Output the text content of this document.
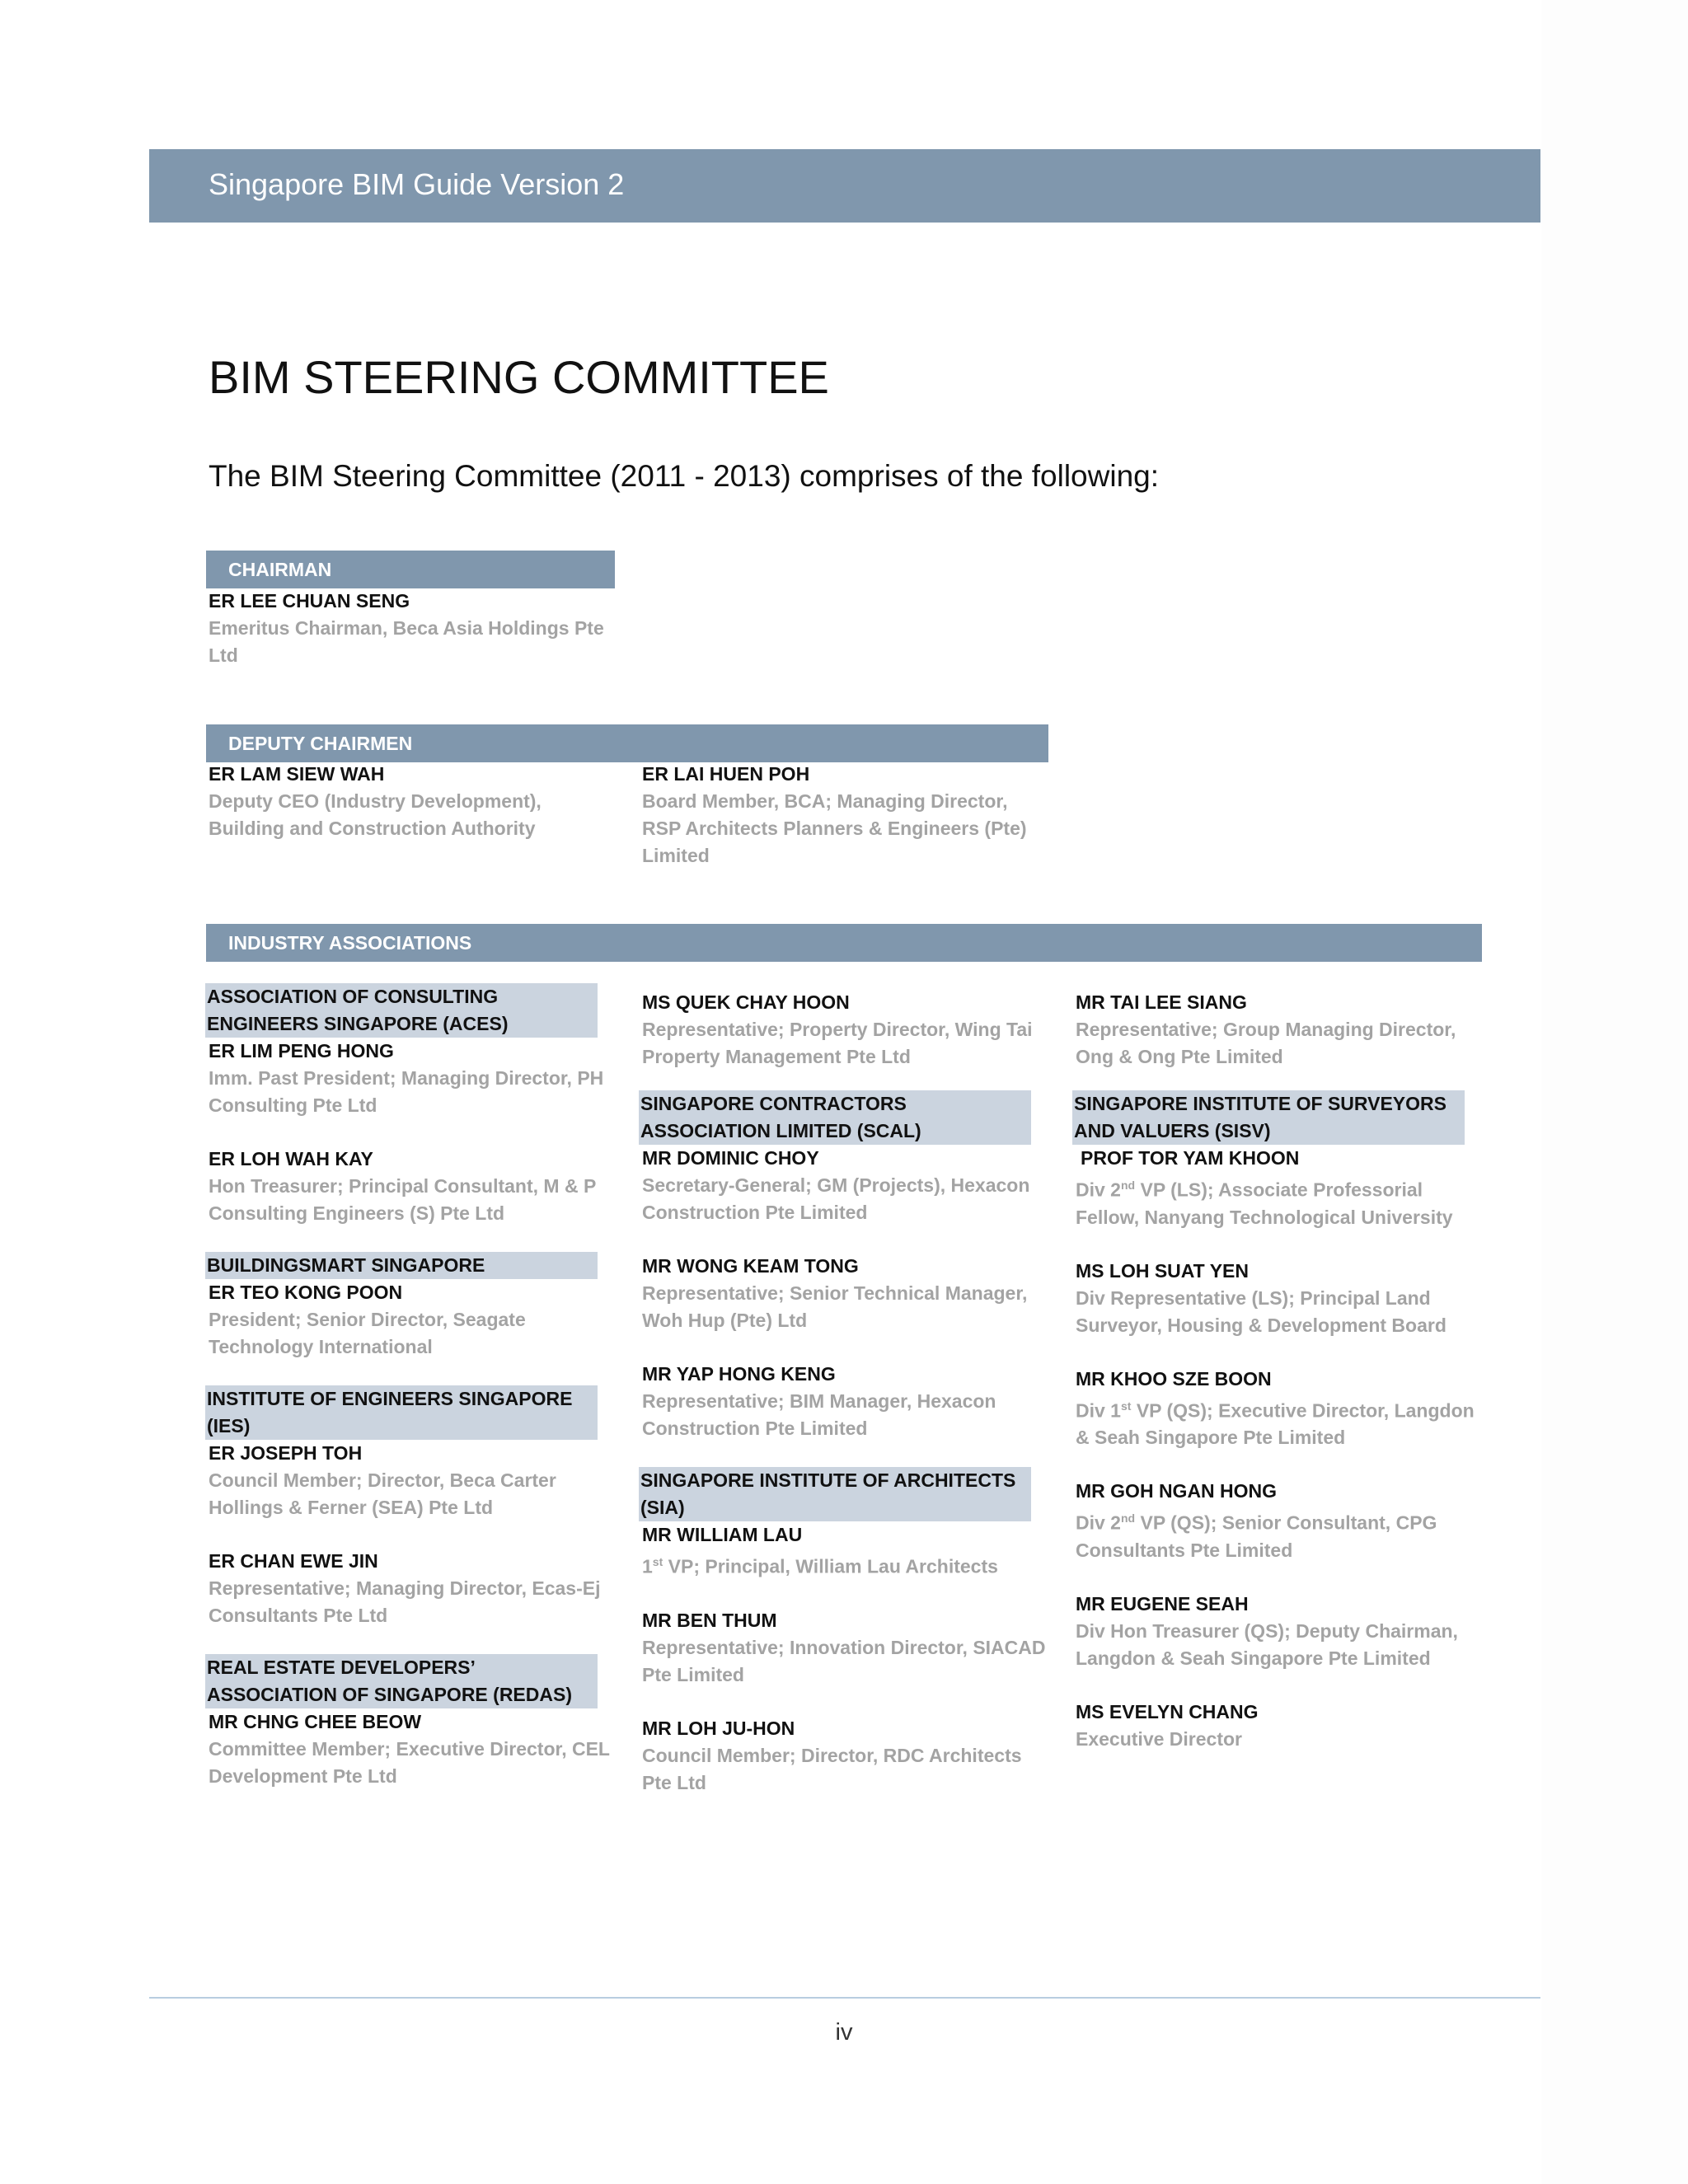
Singapore BIM Guide Version 2
BIM STEERING COMMITTEE
The BIM Steering Committee (2011 - 2013) comprises of the following:
CHAIRMAN
ER LEE CHUAN SENG
Emeritus Chairman, Beca Asia Holdings Pte Ltd
DEPUTY CHAIRMEN
ER LAM SIEW WAH
Deputy CEO (Industry Development), Building and Construction Authority
ER LAI HUEN POH
Board Member, BCA; Managing Director, RSP Architects Planners & Engineers (Pte) Limited
INDUSTRY ASSOCIATIONS
ASSOCIATION OF CONSULTING ENGINEERS SINGAPORE (ACES)
ER LIM PENG HONG
Imm. Past President; Managing Director, PH Consulting Pte Ltd
ER LOH WAH KAY
Hon Treasurer; Principal Consultant, M & P Consulting Engineers (S) Pte Ltd
BUILDINGSMART SINGAPORE
ER TEO KONG POON
President; Senior Director, Seagate Technology International
INSTITUTE OF ENGINEERS SINGAPORE (IES)
ER JOSEPH TOH
Council Member; Director, Beca Carter Hollings & Ferner (SEA) Pte Ltd
ER CHAN EWE JIN
Representative; Managing Director, Ecas-Ej Consultants Pte Ltd
REAL ESTATE DEVELOPERS’ ASSOCIATION OF SINGAPORE (REDAS)
MR CHNG CHEE BEOW
Committee Member; Executive Director, CEL Development Pte Ltd
MS QUEK CHAY HOON
Representative; Property Director, Wing Tai Property Management Pte Ltd
SINGAPORE CONTRACTORS ASSOCIATION LIMITED (SCAL)
MR DOMINIC CHOY
Secretary-General; GM (Projects), Hexacon Construction Pte Limited
MR WONG KEAM TONG
Representative; Senior Technical Manager, Woh Hup (Pte) Ltd
MR YAP HONG KENG
Representative; BIM Manager, Hexacon Construction Pte Limited
SINGAPORE INSTITUTE OF ARCHITECTS (SIA)
MR WILLIAM LAU
1st VP; Principal, William Lau Architects
MR BEN THUM
Representative; Innovation Director, SIACAD Pte Limited
MR LOH JU-HON
Council Member; Director, RDC Architects Pte Ltd
MR TAI LEE SIANG
Representative; Group Managing Director, Ong & Ong Pte Limited
SINGAPORE INSTITUTE OF SURVEYORS AND VALUERS (SISV)
PROF TOR YAM KHOON
Div 2nd VP (LS); Associate Professorial Fellow, Nanyang Technological University
MS LOH SUAT YEN
Div Representative (LS); Principal Land Surveyor, Housing & Development Board
MR KHOO SZE BOON
Div 1st VP (QS); Executive Director, Langdon & Seah Singapore Pte Limited
MR GOH NGAN HONG
Div 2nd VP (QS); Senior Consultant, CPG Consultants Pte Limited
MR EUGENE SEAH
Div Hon Treasurer (QS); Deputy Chairman, Langdon & Seah Singapore Pte Limited
MS EVELYN CHANG
Executive Director
iv
